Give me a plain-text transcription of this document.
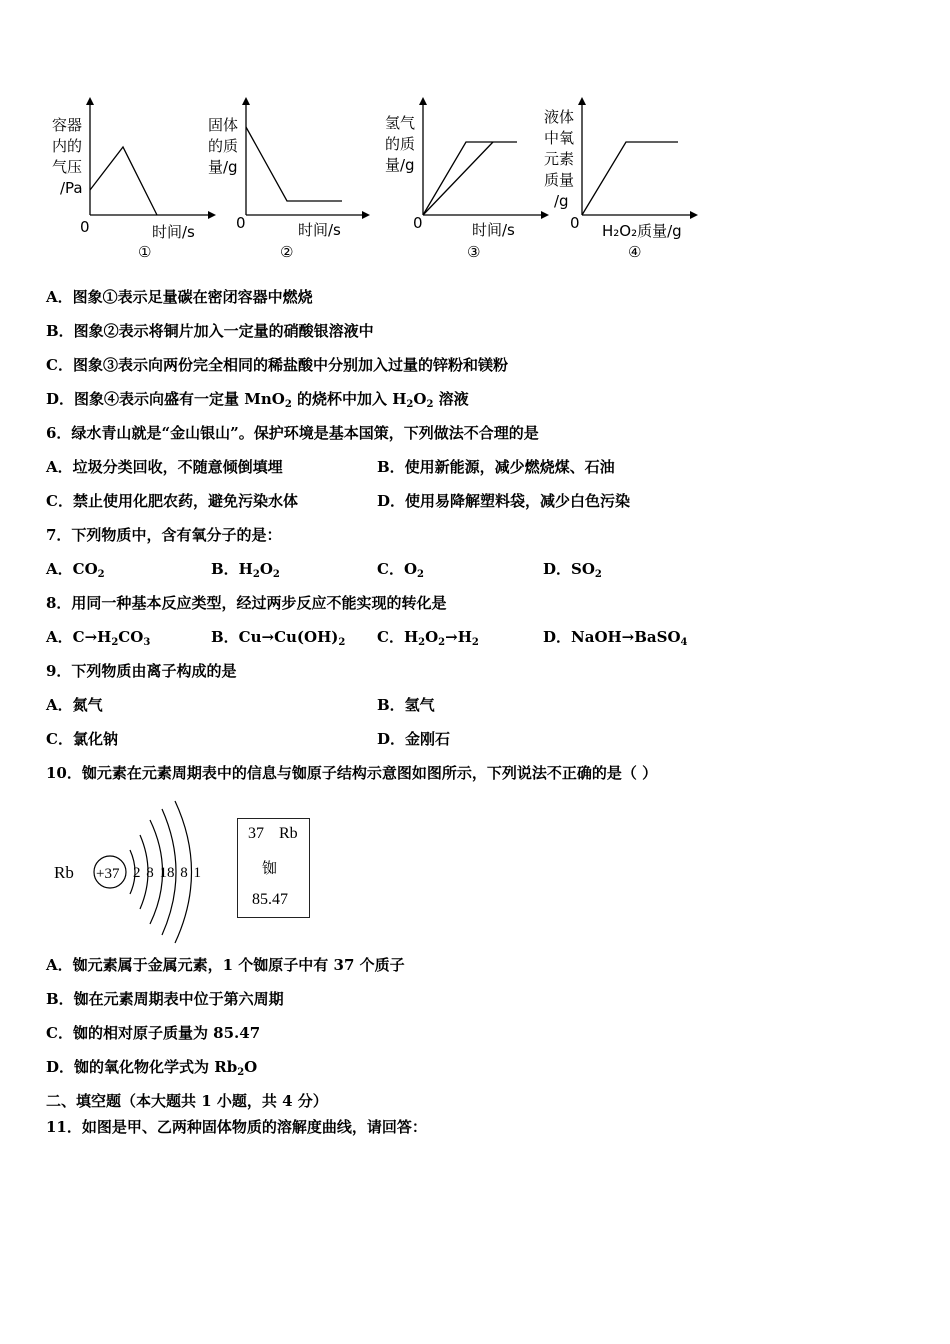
容器
内的
气压
/Pa
0	时间/s
①
固体
的质
量/g
0	时间/s
②
氢气
的质
量/g
0	时间/s
③
液体
中氧
元素
质量
/g
0 H₂O₂质量/g
④
A．图象①表示足量碳在密闭容器中燃烧
B．图象②表示将铜片加入一定量的硝酸银溶液中
C．图象③表示向两份完全相同的稀盐酸中分别加入过量的锌粉和镁粉
D．图象④表示向盛有一定量 MnO$_2$ 的烧杯中加入 $H_2O_2$ 溶液
6．绿水青山就是“金山银山”。保护环境是基本国策，下列做法不合理的是
A．垃圾分类回收，不随意倾倒填埋	B．使用新能源，减少燃烧煤、石油
C．禁止使用化肥农药，避免污染水体	D．使用易降解塑料袋，减少白色污染
7．下列物质中，含有氧分子的是：
A．$CO_2$	B．$H_2O_2$	C．$O_2$	D．$SO_2$
8．用同一种基本反应类型，经过两步反应不能实现的转化是
A．$C\to H_2CO_3$	B．$Cu\to Cu(OH)_2$ C．$H_2O_2\to H_2$	D．NaOH→BaSO$_4$
9．下列物质由离子构成的是
A．氮气	B．氢气
C．氯化钠	D．金刚石
10．铷元素在元素周期表中的信息与铷原子结构示意图如图所示，下列说法不正确的是（ ）
Rb +37 2 8 18 8 1
37 Rb
铷
85.47
A．铷元素属于金属元素，1 个铷原子中有 37 个质子
B．铷在元素周期表中位于第六周期
C．铷的相对原子质量为 85.47
D．铷的氧化物化学式为 $Rb_2O$
二、填空题（本大题共 1 小题，共 4 分）
11．如图是甲、乙两种固体物质的溶解度曲线，请回答：
